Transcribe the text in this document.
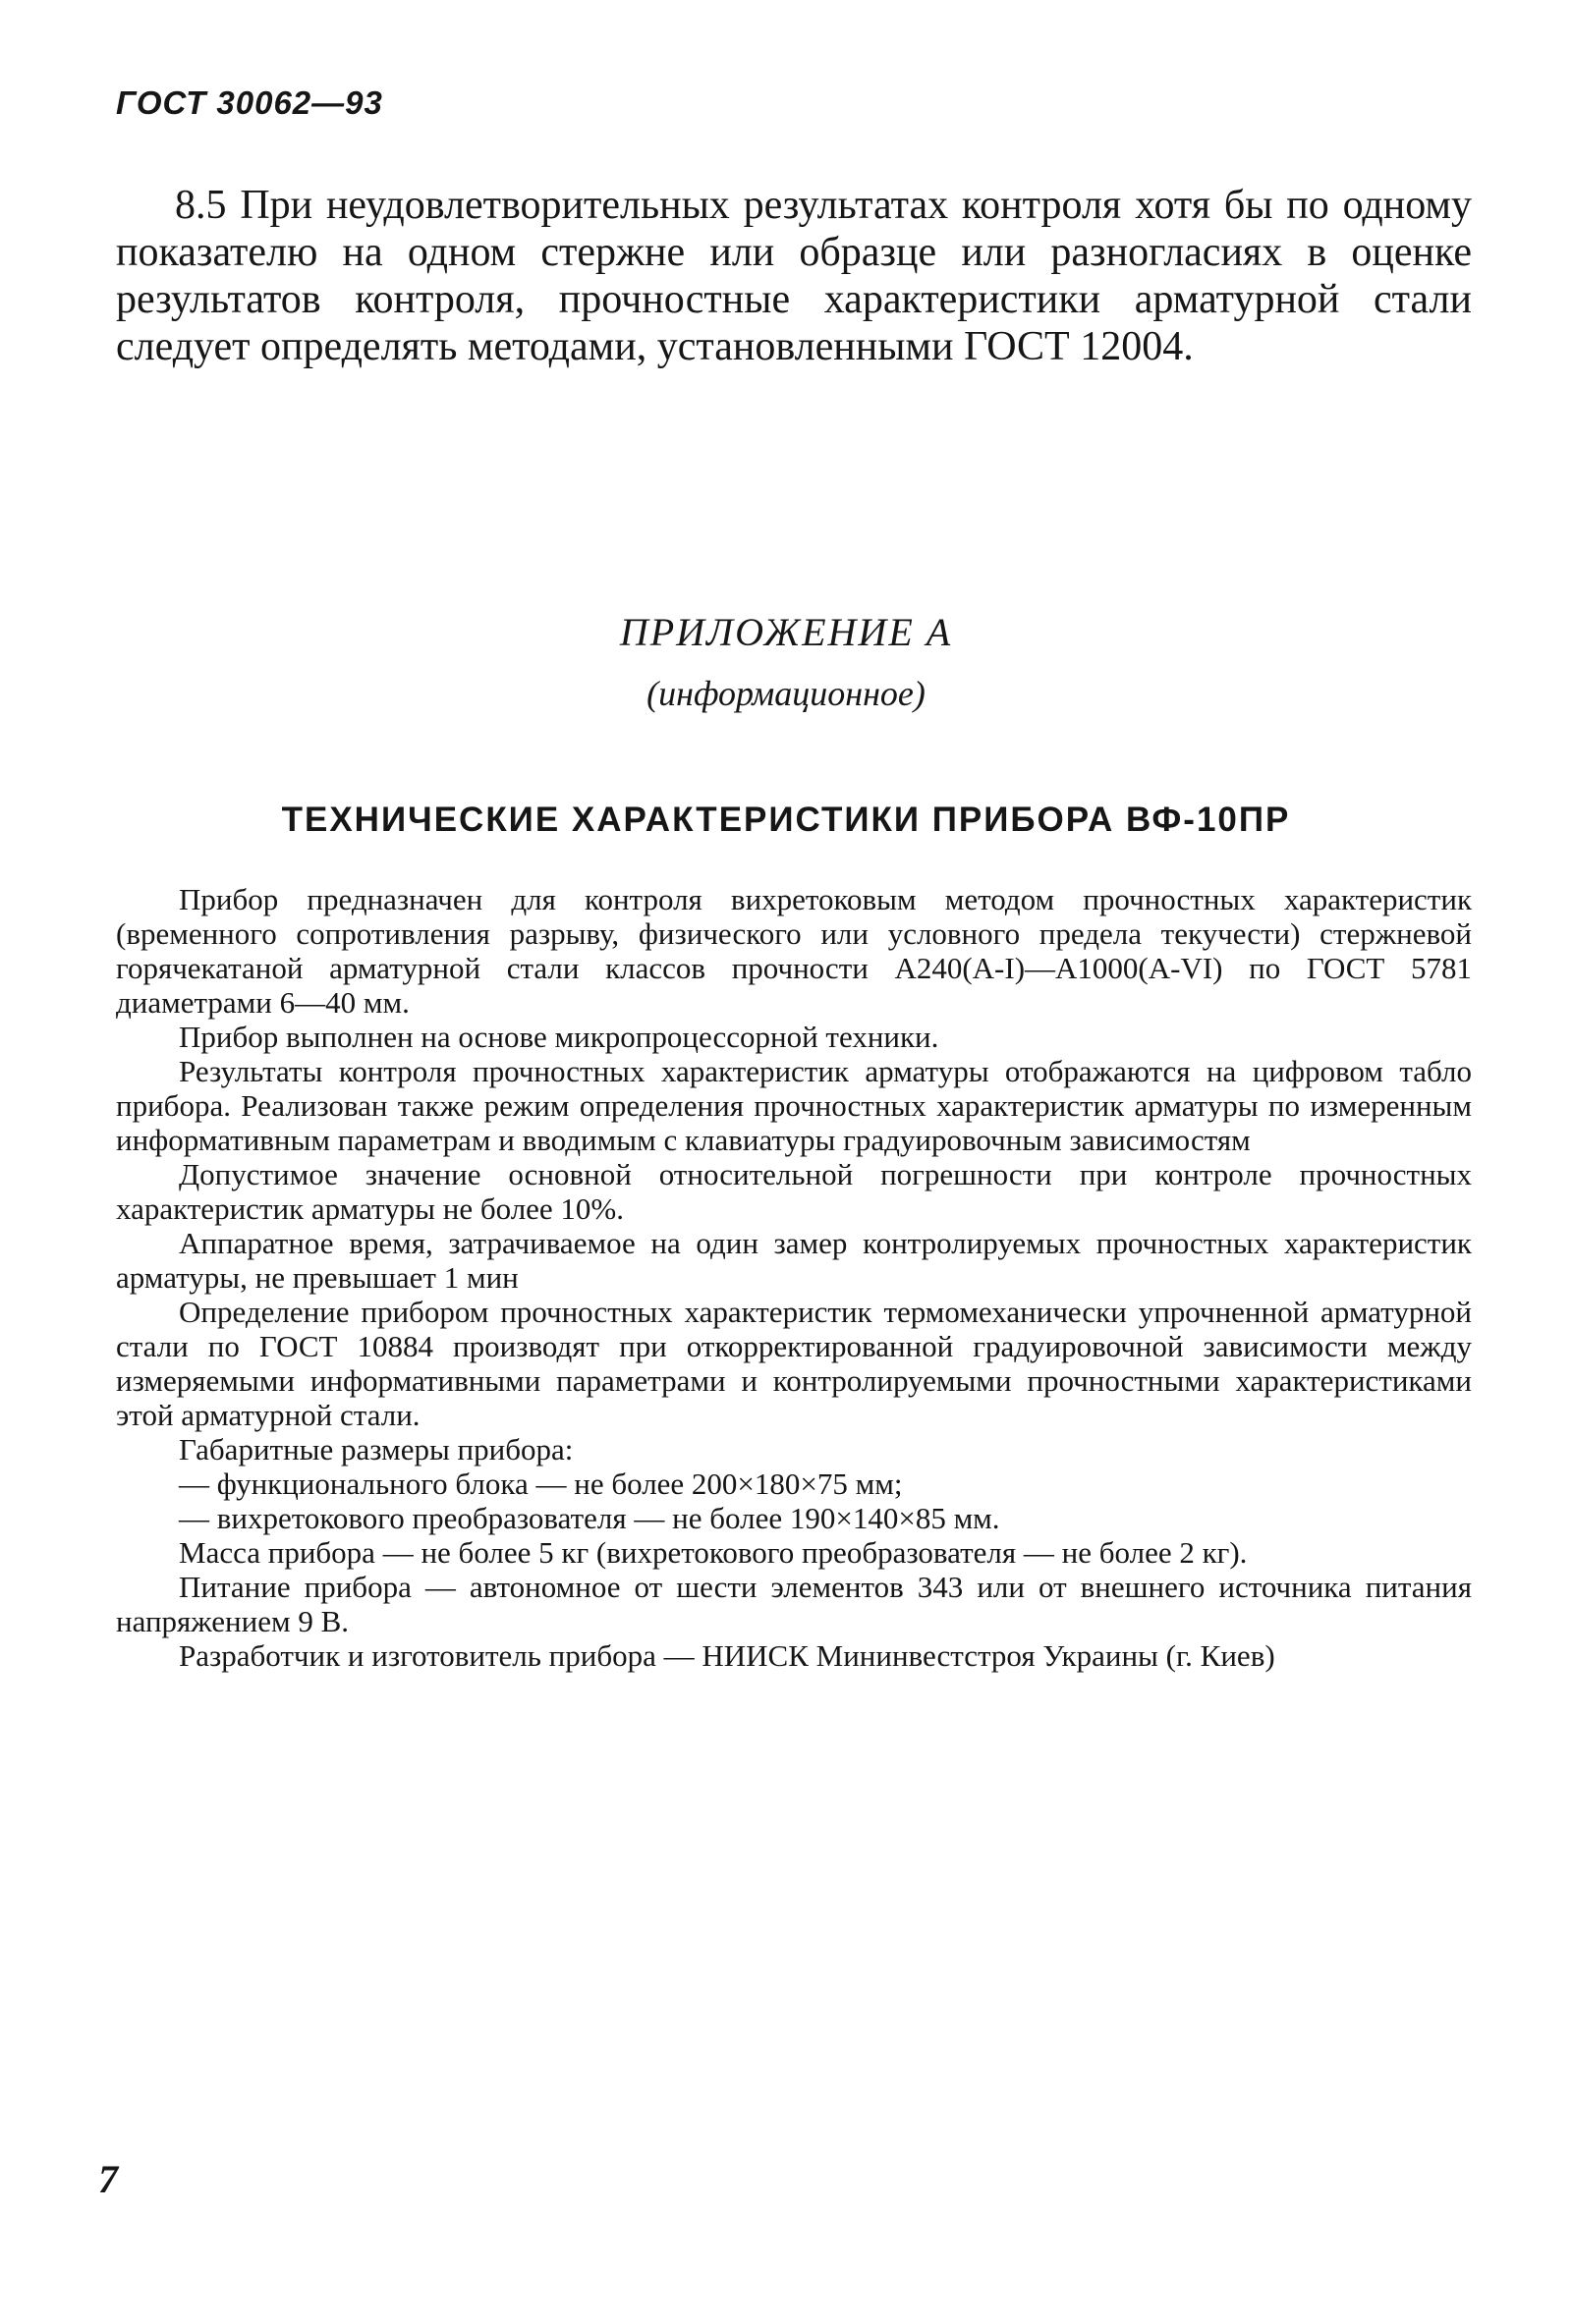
ГОСТ 30062—93

8.5 При неудовлетворительных результатах контроля хотя бы по одному показателю на одном стержне или образце или разногласиях в оценке результатов контроля, прочностные характеристики арматурной стали следует определять методами, установленными ГОСТ 12004.

ПРИЛОЖЕНИЕ А
(информационное)
ТЕХНИЧЕСКИЕ ХАРАКТЕРИСТИКИ ПРИБОРА ВФ-10ПР

Прибор предназначен для контроля вихретоковым методом прочностных характеристик (временного сопротивления разрыву, физического или условного предела текучести) стержневой горячекатаной арматурной стали классов прочности А240(А-I)—А1000(А-VI) по ГОСТ 5781 диаметрами 6—40 мм.

Прибор выполнен на основе микропроцессорной техники.

Результаты контроля прочностных характеристик арматуры отображаются на цифровом табло прибора. Реализован также режим определения прочностных характеристик арматуры по измеренным информативным параметрам и вводимым с клавиатуры градуировочным зависимостям

Допустимое значение основной относительной погрешности при контроле прочностных характеристик арматуры не более 10%.

Аппаратное время, затрачиваемое на один замер контролируемых прочностных характеристик арматуры, не превышает 1 мин

Определение прибором прочностных характеристик термомеханически упрочненной арматурной стали по ГОСТ 10884 производят при откорректированной градуировочной зависимости между измеряемыми информативными параметрами и контролируемыми прочностными характеристиками этой арматурной стали.

Габаритные размеры прибора:

— функционального блока — не более 200×180×75 мм;

— вихретокового преобразователя — не более 190×140×85 мм.

Масса прибора — не более 5 кг (вихретокового преобразователя — не более 2 кг).

Питание прибора — автономное от шести элементов 343 или от внешнего источника питания напряжением 9 В.

Разработчик и изготовитель прибора — НИИСК Мининвестстроя Украины (г. Киев)

7
